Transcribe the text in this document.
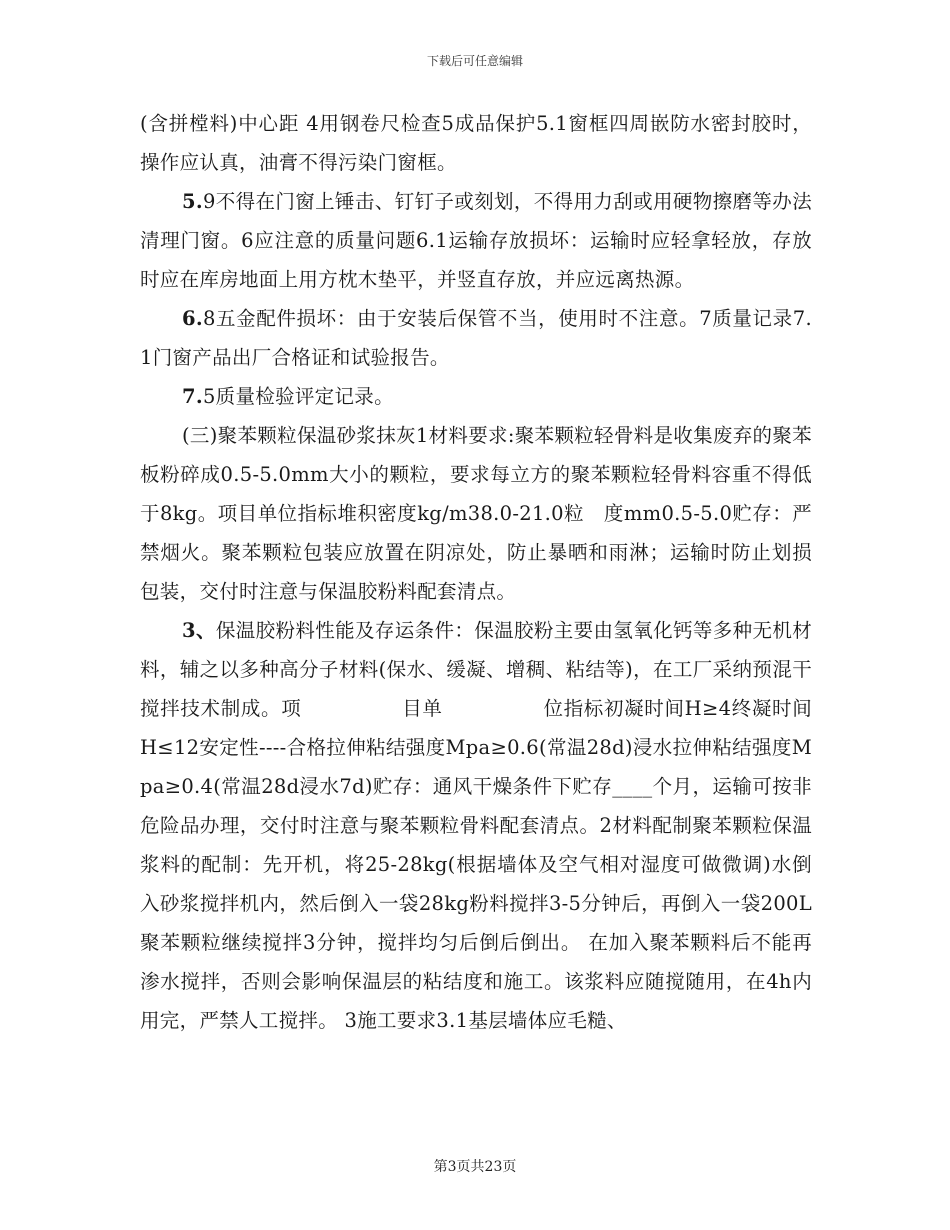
下载后可任意编辑

(含拼樘料)中心距 4用钢卷尺检查5成品保护5.1窗框四周嵌防水密封胶时，操作应认真，油膏不得污染门窗框。

5.9不得在门窗上锤击、钉钉子或刻划，不得用力刮或用硬物擦磨等办法清理门窗。6应注意的质量问题6.1运输存放损坏：运输时应轻拿轻放，存放时应在库房地面上用方枕木垫平，并竖直存放，并应远离热源。

6.8五金配件损坏：由于安装后保管不当，使用时不注意。7质量记录7.1门窗产品出厂合格证和试验报告。

7.5质量检验评定记录。

(三)聚苯颗粒保温砂浆抹灰1材料要求:聚苯颗粒轻骨料是收集废弃的聚苯板粉碎成0.5-5.0mm大小的颗粒，要求每立方的聚苯颗粒轻骨料容重不得低于8kg。项目单位指标堆积密度kg/m38.0-21.0粒　度mm0.5-5.0贮存：严禁烟火。聚苯颗粒包装应放置在阴凉处，防止暴晒和雨淋；运输时防止划损包装，交付时注意与保温胶粉料配套清点。

3、保温胶粉料性能及存运条件：保温胶粉主要由氢氧化钙等多种无机材料，辅之以多种高分子材料(保水、缓凝、增稠、粘结等)，在工厂采纳预混干搅拌技术制成。项　　　　　目单　　　　　位指标初凝时间H≥4终凝时间H≤12安定性----合格拉伸粘结强度Mpa≥0.6(常温28d)浸水拉伸粘结强度Mpa≥0.4(常温28d浸水7d)贮存：通风干燥条件下贮存____个月，运输可按非危险品办理，交付时注意与聚苯颗粒骨料配套清点。2材料配制聚苯颗粒保温浆料的配制：先开机，将25-28kg(根据墙体及空气相对湿度可做微调)水倒入砂浆搅拌机内，然后倒入一袋28kg粉料搅拌3-5分钟后，再倒入一袋200L聚苯颗粒继续搅拌3分钟，搅拌均匀后倒后倒出。 在加入聚苯颗料后不能再渗水搅拌，否则会影响保温层的粘结度和施工。该浆料应随搅随用，在4h内用完，严禁人工搅拌。 3施工要求3.1基层墙体应毛糙、

第3页共23页
